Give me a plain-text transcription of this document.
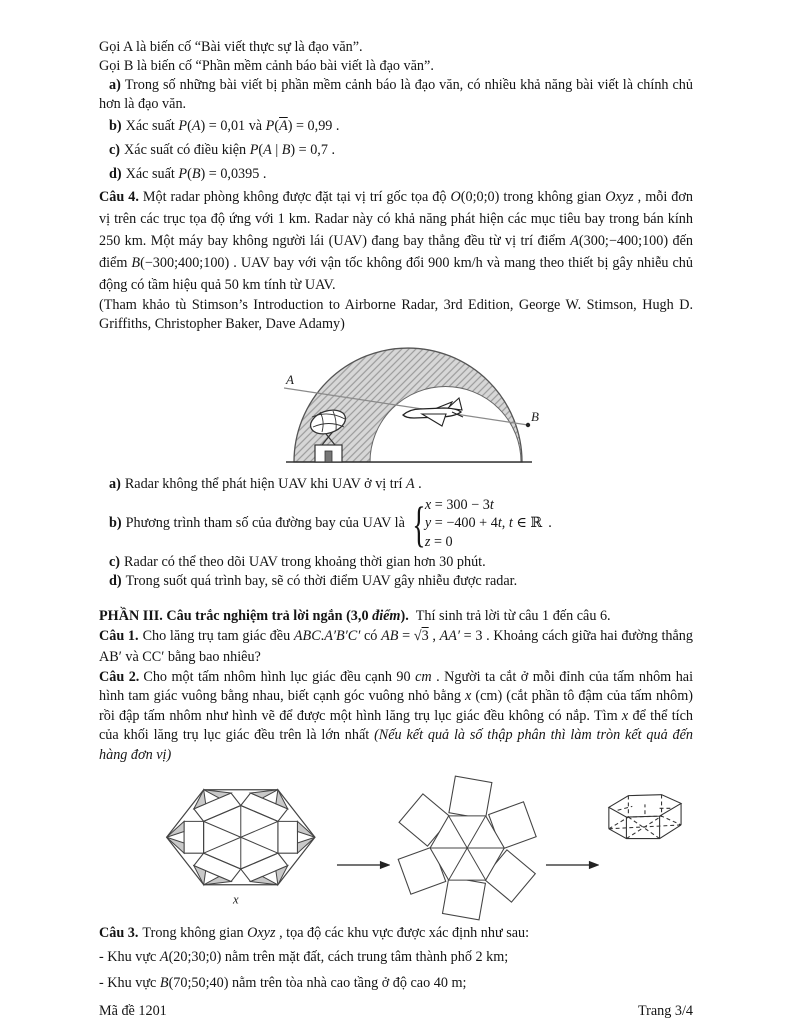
Gọi A là biến cố “Bài viết thực sự là đạo văn”.

Gọi B là biến cố “Phần mềm cảnh báo bài viết là đạo văn”.

a) Trong số những bài viết bị phần mềm cảnh báo là đạo văn, có nhiều khả năng bài viết là chính chủ hơn là đạo văn.

b) Xác suất P(A) = 0,01 và $P(\overline{A}) = 0,99$ .

c) Xác suất có điều kiện P(A | B) = 0,7 .

d) Xác suất P(B) = 0,0395 .

Câu 4. Một radar phòng không được đặt tại vị trí gốc tọa độ O(0;0;0) trong không gian Oxyz , mỗi đơn vị trên các trục tọa độ ứng với 1 km. Radar này có khả năng phát hiện các mục tiêu bay trong bán kính 250 km. Một máy bay không người lái (UAV) đang bay thẳng đều từ vị trí điểm A(300;−400;100) đến điểm B(−300;400;100) . UAV bay với vận tốc không đổi 900 km/h và mang theo thiết bị gây nhiễu chủ động có tầm hiệu quả 50 km tính từ UAV.

(Tham khảo tù Stimson’s Introduction to Airborne Radar, 3rd Edition, George W. Stimson, Hugh D. Griffiths, Christopher Baker, Dave Adamy)

A
B

a) Radar không thể phát hiện UAV khi UAV ở vị trí A .

b) Phương trình tham số của đường bay của UAV là { x = 300 − 3t
y = −400 + 4t, t ∈ ℝ
z = 0
.

c) Radar có thể theo dõi UAV trong khoảng thời gian hơn 30 phút.

d) Trong suốt quá trình bay, sẽ có thời điểm UAV gây nhiễu được radar.

PHẦN III. Câu trắc nghiệm trả lời ngắn (3,0 điểm). Thí sinh trả lời từ câu 1 đến câu 6.

Câu 1. Cho lăng trụ tam giác đều ABC.A′B′C′ có AB = √3 , AA′ = 3 . Khoảng cách giữa hai đường thẳng AB′ và CC′ bằng bao nhiêu?

Câu 2. Cho một tấm nhôm hình lục giác đều cạnh 90 cm . Người ta cắt ở mỗi đỉnh của tấm nhôm hai hình tam giác vuông bằng nhau, biết cạnh góc vuông nhỏ bằng x (cm) (cắt phần tô đậm của tấm nhôm) rồi đập tấm nhôm như hình vẽ để được một hình lăng trụ lục giác đều không có nắp. Tìm x để thể tích của khối lăng trụ lục giác đều trên là lớn nhất (Nếu kết quả là số thập phân thì làm tròn kết quả đến hàng đơn vị)

x

Câu 3. Trong không gian Oxyz , tọa độ các khu vực được xác định như sau:

- Khu vực A(20;30;0) nằm trên mặt đất, cách trung tâm thành phố 2 km;

- Khu vực B(70;50;40) nằm trên tòa nhà cao tầng ở độ cao 40 m;

Mã đề 1201	Trang 3/4
